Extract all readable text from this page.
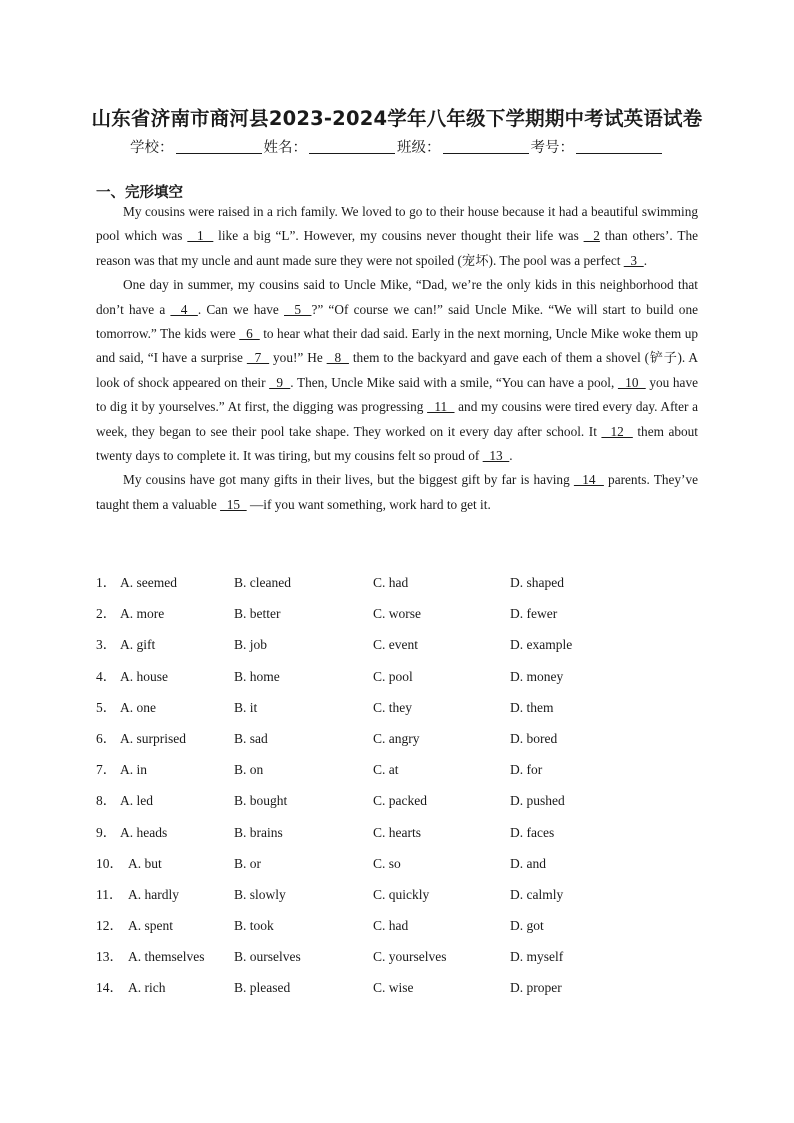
山东省济南市商河县2023-2024学年八年级下学期期中考试英语试卷
学校：	姓名：	班级：	考号：
一、完形填空

My cousins were raised in a rich family. We loved to go to their house because it had a beautiful swimming pool which was   1   like a big “L”. However, my cousins never thought their life was   2 than others’. The reason was that my uncle and aunt made sure they were not spoiled (宠坏). The pool was a perfect   3  .

One day in summer, my cousins said to Uncle Mike, “Dad, we’re the only kids in this neighborhood that don’t have a   4  . Can we have   5  ?” “Of course we can!” said Uncle Mike. “We will start to build one tomorrow.” The kids were   6   to hear what their dad said. Early in the next morning, Uncle Mike woke them up and said, “I have a surprise   7   you!” He   8   them to the backyard and gave each of them a shovel (铲子). A look of shock appeared on their   9  . Then, Uncle Mike said with a smile, “You can have a pool,   10   you have to dig it by yourselves.” At first, the digging was progressing   11   and my cousins were tired every day. After a week, they began to see their pool take shape. They worked on it every day after school. It   12   them about twenty days to complete it. It was tiring, but my cousins felt so proud of   13  .

My cousins have got many gifts in their lives, but the biggest gift by far is having   14   parents. They’ve taught them a valuable   15   —if you want something, work hard to get it.

1． A. seemed	B. cleaned	C. had	D. shaped
2． A. more	B. better	C. worse	D. fewer
3． A. gift	B. job	C. event	D. example
4． A. house	B. home	C. pool	D. money
5． A. one	B. it	C. they	D. them
6． A. surprised	B. sad	C. angry	D. bored
7． A. in	B. on	C. at	D. for
8． A. led	B. bought	C. packed	D. pushed
9． A. heads	B. brains	C. hearts	D. faces
10． A. but	B. or	C. so	D. and
11． A. hardly	B. slowly	C. quickly	D. calmly
12． A. spent	B. took	C. had	D. got
13． A. themselves B. ourselves	C. yourselves	D. myself
14． A. rich	B. pleased	C. wise	D. proper
